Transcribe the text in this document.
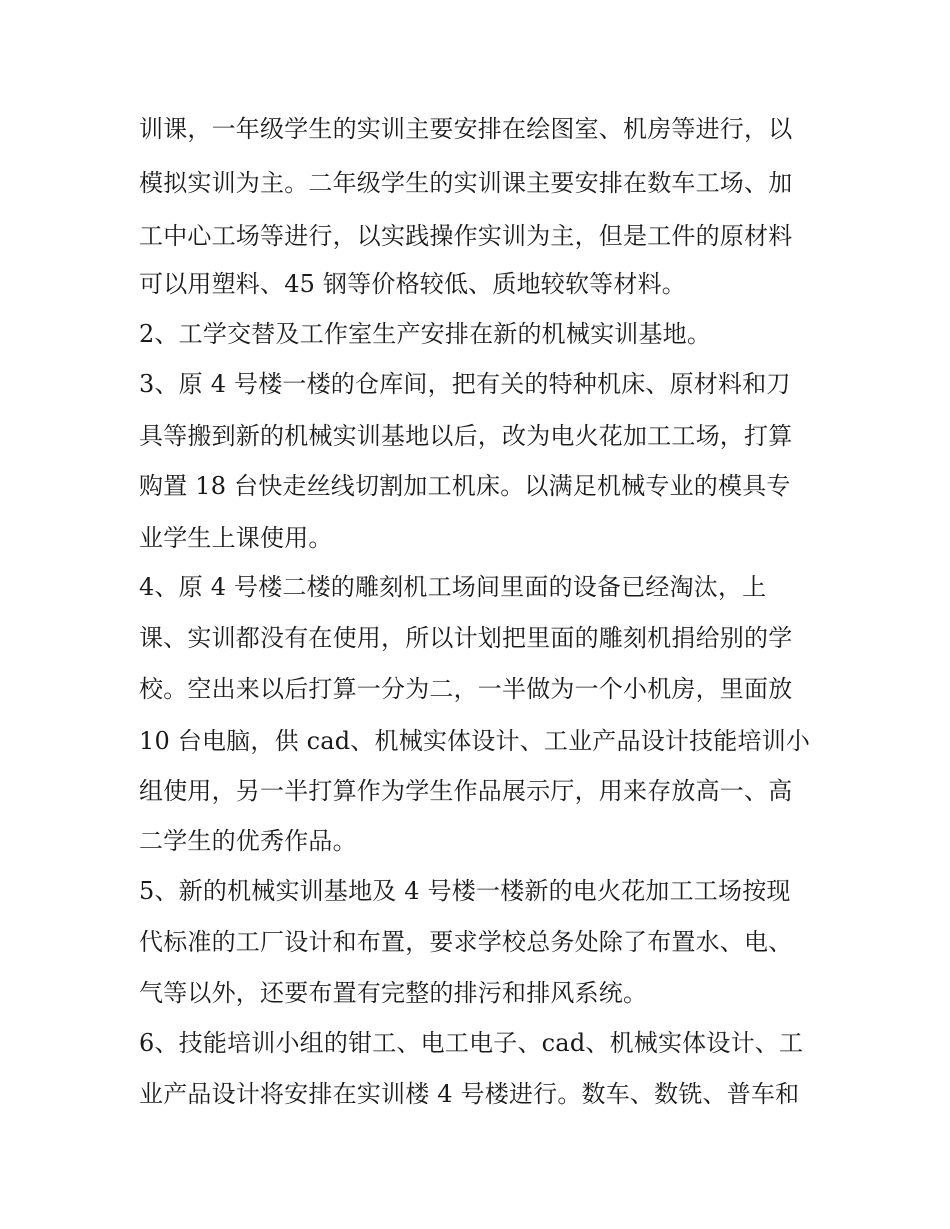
训课，一年级学生的实训主要安排在绘图室、机房等进行，以
模拟实训为主。二年级学生的实训课主要安排在数车工场、加
工中心工场等进行，以实践操作实训为主，但是工件的原材料
可以用塑料、45 钢等价格较低、质地较软等材料。
2、工学交替及工作室生产安排在新的机械实训基地。
3、原 4 号楼一楼的仓库间，把有关的特种机床、原材料和刀
具等搬到新的机械实训基地以后，改为电火花加工工场，打算
购置 18 台快走丝线切割加工机床。以满足机械专业的模具专
业学生上课使用。
4、原 4 号楼二楼的雕刻机工场间里面的设备已经淘汰，上
课、实训都没有在使用，所以计划把里面的雕刻机捐给别的学
校。空出来以后打算一分为二，一半做为一个小机房，里面放
10 台电脑，供 cad、机械实体设计、工业产品设计技能培训小
组使用，另一半打算作为学生作品展示厅，用来存放高一、高
二学生的优秀作品。
5、新的机械实训基地及 4 号楼一楼新的电火花加工工场按现
代标准的工厂设计和布置，要求学校总务处除了布置水、电、
气等以外，还要布置有完整的排污和排风系统。
6、技能培训小组的钳工、电工电子、cad、机械实体设计、工
业产品设计将安排在实训楼 4 号楼进行。数车、数铣、普车和
